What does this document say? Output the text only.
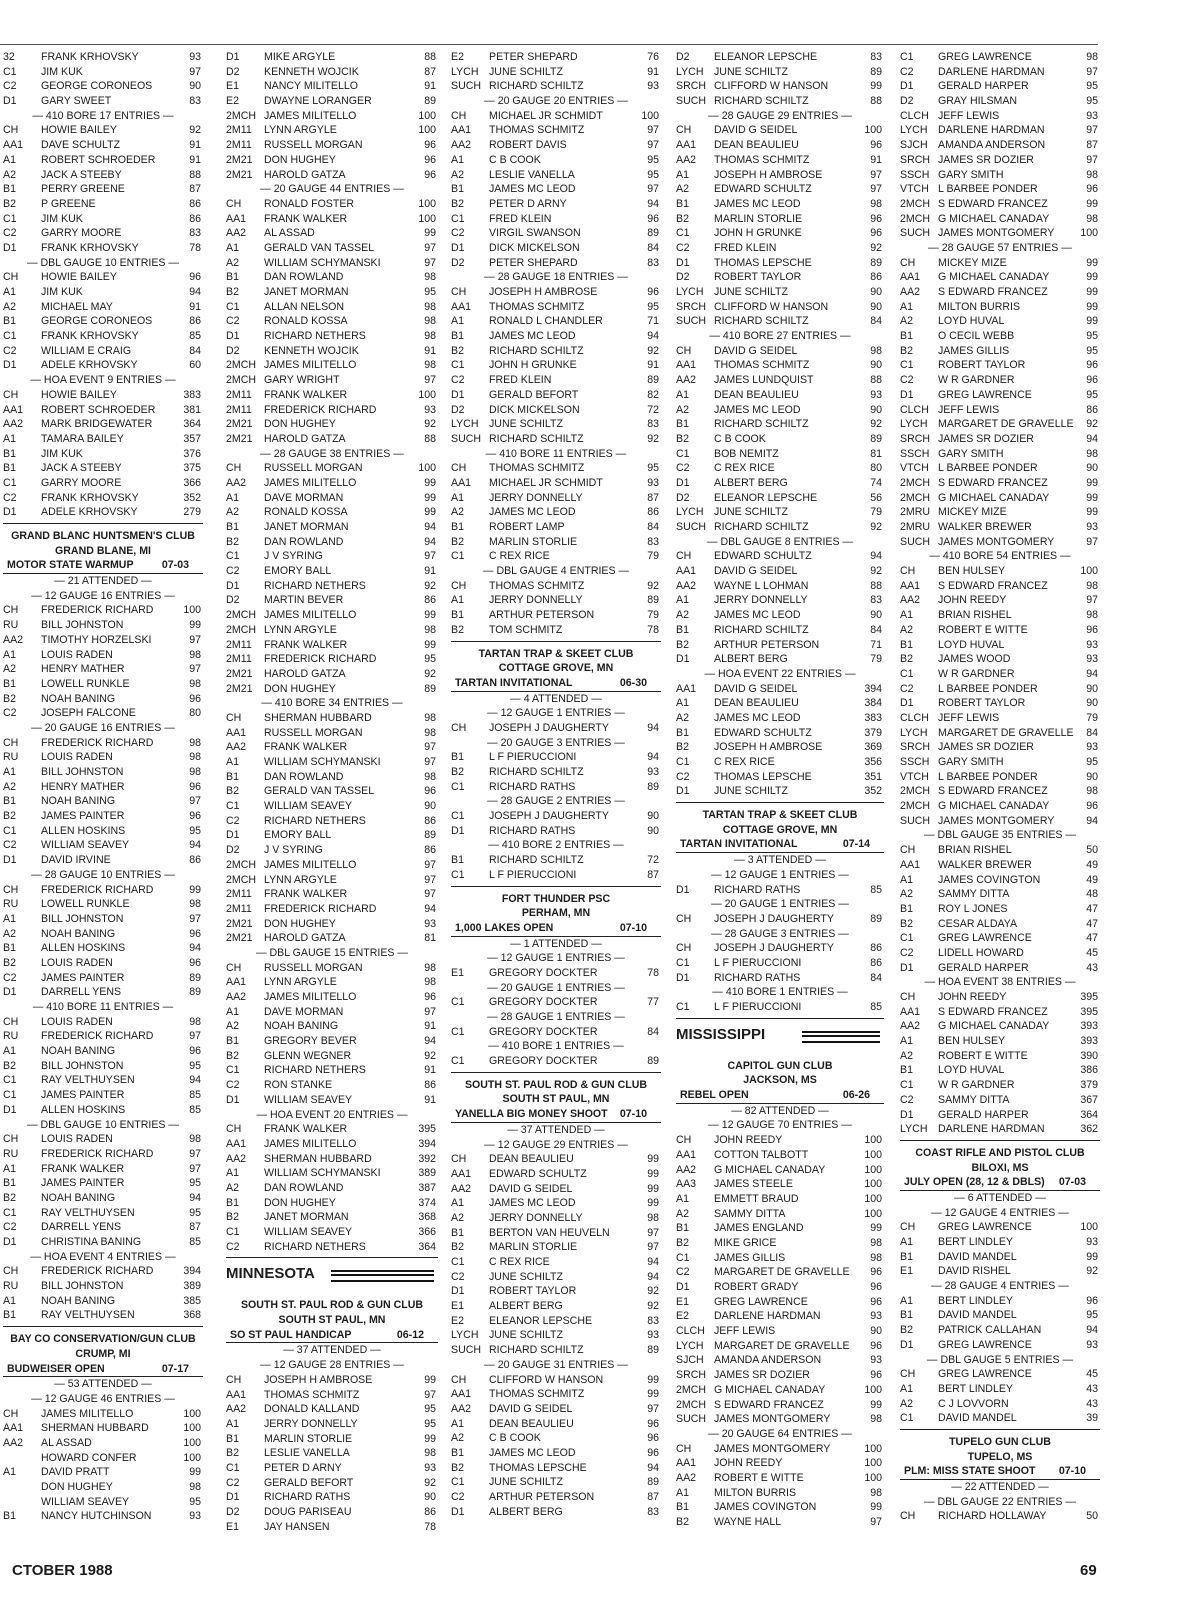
32 FRANK KRHOVSKY	93
C1 JIM KUK	97
C2 GEORGE CORONEOS	90
D1 GARY SWEET	83
— 410 BORE 17 ENTRIES —
CH HOWIE BAILEY	92
AA1 DAVE SCHULTZ	91
A1 ROBERT SCHROEDER	91
A2 JACK A STEEBY	88
B1 PERRY GREENE	87
B2 P GREENE	86
C1 JIM KUK	86
C2 GARRY MOORE	83
D1 FRANK KRHOVSKY	78
— DBL GAUGE 10 ENTRIES —
CH HOWIE BAILEY	96
A1 JIM KUK	94
A2 MICHAEL MAY	91
B1 GEORGE CORONEOS	86
C1 FRANK KRHOVSKY	85
C2 WILLIAM E CRAIG	84
D1 ADELE KRHOVSKY	60
— HOA EVENT 9 ENTRIES —
CH HOWIE BAILEY	383
AA1 ROBERT SCHROEDER	381
AA2 MARK BRIDGEWATER	364
A1 TAMARA BAILEY	357
B1 JIM KUK	376
B1 JACK A STEEBY	375
C1 GARRY MOORE	366
C2 FRANK KRHOVSKY	352
D1 ADELE KRHOVSKY	279
GRAND BLANC HUNTSMEN'S CLUB
GRAND BLANE, MI
MOTOR STATE WARMUP	07-03
— 21 ATTENDED —
— 12 GAUGE 16 ENTRIES —
CH FREDERICK RICHARD	100
RU BILL JOHNSTON	99
AA2 TIMOTHY HORZELSKI	97
A1 LOUIS RADEN	98
A2 HENRY MATHER	97
B1 LOWELL RUNKLE	98
B2 NOAH BANING	96
C2 JOSEPH FALCONE	80
— 20 GAUGE 16 ENTRIES —
CH FREDERICK RICHARD	98
RU LOUIS RADEN	98
A1 BILL JOHNSTON	98
A2 HENRY MATHER	96
B1 NOAH BANING	97
B2 JAMES PAINTER	96
C1 ALLEN HOSKINS	95
C2 WILLIAM SEAVEY	94
D1 DAVID IRVINE	86
— 28 GAUGE 10 ENTRIES —
CH FREDERICK RICHARD	99
RU LOWELL RUNKLE	98
A1 BILL JOHNSTON	97
A2 NOAH BANING	96
B1 ALLEN HOSKINS	94
B2 LOUIS RADEN	96
C2 JAMES PAINTER	89
D1 DARRELL YENS	89
— 410 BORE 11 ENTRIES —
CH LOUIS RADEN	98
RU FREDERICK RICHARD	97
A1 NOAH BANING	96
B2 BILL JOHNSTON	95
C1 RAY VELTHUYSEN	94
C1 JAMES PAINTER	85
D1 ALLEN HOSKINS	85
— DBL GAUGE 10 ENTRIES —
CH LOUIS RADEN	98
RU FREDERICK RICHARD	97
A1 FRANK WALKER	97
B1 JAMES PAINTER	95
B2 NOAH BANING	94
C1 RAY VELTHUYSEN	95
C2 DARRELL YENS	87
D1 CHRISTINA BANING	85
— HOA EVENT 4 ENTRIES —
CH FREDERICK RICHARD	394
RU BILL JOHNSTON	389
A1 NOAH BANING	385
B1 RAY VELTHUYSEN	368
BAY CO CONSERVATION/GUN CLUB
CRUMP, MI
BUDWEISER OPEN	07-17
— 53 ATTENDED —
— 12 GAUGE 46 ENTRIES —
CH JAMES MILITELLO	100
AA1 SHERMAN HUBBARD	100
AA2 AL ASSAD	100
HOWARD CONFER	100
A1 DAVID PRATT	99
DON HUGHEY	98
WILLIAM SEAVEY	95
B1 NANCY HUTCHINSON	93
D1 MIKE ARGYLE	88
D2 KENNETH WOJCIK	87
E1 NANCY MILITELLO	91
E2 DWAYNE LORANGER	89
2MCH JAMES MILITELLO	100
2M11 LYNN ARGYLE	100
2M11 RUSSELL MORGAN	96
2M21 DON HUGHEY	96
2M21 HAROLD GATZA	96
— 20 GAUGE 44 ENTRIES —
CH RONALD FOSTER	100
AA1 FRANK WALKER	100
AA2 AL ASSAD	99
A1 GERALD VAN TASSEL	97
A2 WILLIAM SCHYMANSKI	97
B1 DAN ROWLAND	98
B2 JANET MORMAN	95
C1 ALLAN NELSON	98
C2 RONALD KOSSA	98
D1 RICHARD NETHERS	98
D2 KENNETH WOJCIK	91
2MCH JAMES MILITELLO	98
2MCH GARY WRIGHT	97
2M11 FRANK WALKER	100
2M11 FREDERICK RICHARD	93
2M21 DON HUGHEY	92
2M21 HAROLD GATZA	88
— 28 GAUGE 38 ENTRIES —
CH RUSSELL MORGAN	100
AA2 JAMES MILITELLO	99
A1 DAVE MORMAN	99
A2 RONALD KOSSA	99
B1 JANET MORMAN	94
B2 DAN ROWLAND	94
C1 J V SYRING	97
C2 EMORY BALL	91
D1 RICHARD NETHERS	92
D2 MARTIN BEVER	86
2MCH JAMES MILITELLO	99
2MCH LYNN ARGYLE	98
2M11 FRANK WALKER	99
2M11 FREDERICK RICHARD	95
2M21 HAROLD GATZA	92
2M21 DON HUGHEY	89
— 410 BORE 34 ENTRIES —
CH SHERMAN HUBBARD	98
AA1 RUSSELL MORGAN	98
AA2 FRANK WALKER	97
A1 WILLIAM SCHYMANSKI	97
B1 DAN ROWLAND	98
B2 GERALD VAN TASSEL	96
C1 WILLIAM SEAVEY	90
C2 RICHARD NETHERS	86
D1 EMORY BALL	89
D2 J V SYRING	86
2MCH JAMES MILITELLO	97
2MCH LYNN ARGYLE	97
2M11 FRANK WALKER	97
2M11 FREDERICK RICHARD	94
2M21 DON HUGHEY	93
2M21 HAROLD GATZA	81
— DBL GAUGE 15 ENTRIES —
CH RUSSELL MORGAN	98
AA1 LYNN ARGYLE	98
AA2 JAMES MILITELLO	96
A1 DAVE MORMAN	97
A2 NOAH BANING	91
B1 GREGORY BEVER	94
B2 GLENN WEGNER	92
C1 RICHARD NETHERS	91
C2 RON STANKE	86
D1 WILLIAM SEAVEY	91
— HOA EVENT 20 ENTRIES —
CH FRANK WALKER	395
AA1 JAMES MILITELLO	394
AA2 SHERMAN HUBBARD	392
A1 WILLIAM SCHYMANSKI	389
A2 DAN ROWLAND	387
B1 DON HUGHEY	374
B2 JANET MORMAN	368
C1 WILLIAM SEAVEY	366
C2 RICHARD NETHERS	364
MINNESOTA
SOUTH ST. PAUL ROD & GUN CLUB
SOUTH ST PAUL, MN
SO ST PAUL HANDICAP	06-12
— 37 ATTENDED —
— 12 GAUGE 28 ENTRIES —
CH JOSEPH H AMBROSE	99
AA1 THOMAS SCHMITZ	97
AA2 DONALD KALLAND	95
A1 JERRY DONNELLY	95
B1 MARLIN STORLIE	99
B2 LESLIE VANELLA	98
C1 PETER D ARNY	93
C2 GERALD BEFORT	92
D1 RICHARD RATHS	90
D2 DOUG PARISEAU	86
E1 JAY HANSEN	78
E2 PETER SHEPARD	76
LYCH JUNE SCHILTZ	91
SUCH RICHARD SCHILTZ	93
— 20 GAUGE 20 ENTRIES —
CH MICHAEL JR SCHMIDT	100
AA1 THOMAS SCHMITZ	97
AA2 ROBERT DAVIS	97
A1 C B COOK	95
A2 LESLIE VANELLA	95
B1 JAMES MC LEOD	97
B2 PETER D ARNY	94
C1 FRED KLEIN	96
C2 VIRGIL SWANSON	89
D1 DICK MICKELSON	84
D2 PETER SHEPARD	83
— 28 GAUGE 18 ENTRIES —
CH JOSEPH H AMBROSE	96
AA1 THOMAS SCHMITZ	95
A1 RONALD L CHANDLER	71
B1 JAMES MC LEOD	94
B2 RICHARD SCHILTZ	92
C1 JOHN H GRUNKE	91
C2 FRED KLEIN	89
D1 GERALD BEFORT	82
D2 DICK MICKELSON	72
LYCH JUNE SCHILTZ	83
SUCH RICHARD SCHILTZ	92
— 410 BORE 11 ENTRIES —
CH THOMAS SCHMITZ	95
AA1 MICHAEL JR SCHMIDT	93
A1 JERRY DONNELLY	87
A2 JAMES MC LEOD	86
B1 ROBERT LAMP	84
B2 MARLIN STORLIE	83
C1 C REX RICE	79
— DBL GAUGE 4 ENTRIES —
CH THOMAS SCHMITZ	92
A1 JERRY DONNELLY	89
B1 ARTHUR PETERSON	79
B2 TOM SCHMITZ	78
TARTAN TRAP & SKEET CLUB
COTTAGE GROVE, MN
TARTAN INVITATIONAL	06-30
— 4 ATTENDED —
— 12 GAUGE 1 ENTRIES —
CH JOSEPH J DAUGHERTY	94
— 20 GAUGE 3 ENTRIES —
B1 L F PIERUCCIONI	94
B2 RICHARD SCHILTZ	93
C1 RICHARD RATHS	89
— 28 GAUGE 2 ENTRIES —
C1 JOSEPH J DAUGHERTY	90
D1 RICHARD RATHS	90
— 410 BORE 2 ENTRIES —
B1 RICHARD SCHILTZ	72
C1 L F PIERUCCIONI	87
FORT THUNDER PSC
PERHAM, MN
1,000 LAKES OPEN	07-10
— 1 ATTENDED —
— 12 GAUGE 1 ENTRIES —
E1 GREGORY DOCKTER	78
— 20 GAUGE 1 ENTRIES —
C1 GREGORY DOCKTER	77
— 28 GAUGE 1 ENTRIES —
C1 GREGORY DOCKTER	84
— 410 BORE 1 ENTRIES —
C1 GREGORY DOCKTER	89
SOUTH ST. PAUL ROD & GUN CLUB
SOUTH ST PAUL, MN
YANELLA BIG MONEY SHOOT 07-10
— 37 ATTENDED —
— 12 GAUGE 29 ENTRIES —
CH DEAN BEAULIEU	99
AA1 EDWARD SCHULTZ	99
AA2 DAVID G SEIDEL	99
A1 JAMES MC LEOD	99
A2 JERRY DONNELLY	98
B1 BERTON VAN HEUVELN	97
B2 MARLIN STORLIE	97
C1 C REX RICE	94
C2 JUNE SCHILTZ	94
D1 ROBERT TAYLOR	92
E1 ALBERT BERG	92
E2 ELEANOR LEPSCHE	83
LYCH JUNE SCHILTZ	93
SUCH RICHARD SCHILTZ	89
— 20 GAUGE 31 ENTRIES —
CH CLIFFORD W HANSON	99
AA1 THOMAS SCHMITZ	99
AA2 DAVID G SEIDEL	97
A1 DEAN BEAULIEU	96
A2 C B COOK	96
B1 JAMES MC LEOD	96
B2 THOMAS LEPSCHE	94
C1 JUNE SCHILTZ	89
C2 ARTHUR PETERSON	87
D1 ALBERT BERG	83
D2 ELEANOR LEPSCHE	83
LYCH JUNE SCHILTZ	89
SRCH CLIFFORD W HANSON	99
SUCH RICHARD SCHILTZ	88
— 28 GAUGE 29 ENTRIES —
CH DAVID G SEIDEL	100
AA1 DEAN BEAULIEU	96
AA2 THOMAS SCHMITZ	91
A1 JOSEPH H AMBROSE	97
A2 EDWARD SCHULTZ	97
B1 JAMES MC LEOD	98
B2 MARLIN STORLIE	96
C1 JOHN H GRUNKE	96
C2 FRED KLEIN	92
D1 THOMAS LEPSCHE	89
D2 ROBERT TAYLOR	86
LYCH JUNE SCHILTZ	90
SRCH CLIFFORD W HANSON	90
SUCH RICHARD SCHILTZ	84
— 410 BORE 27 ENTRIES —
CH DAVID G SEIDEL	98
AA1 THOMAS SCHMITZ	90
AA2 JAMES LUNDQUIST	88
A1 DEAN BEAULIEU	93
A2 JAMES MC LEOD	90
B1 RICHARD SCHILTZ	92
B2 C B COOK	89
C1 BOB NEMITZ	81
C2 C REX RICE	80
D1 ALBERT BERG	74
D2 ELEANOR LEPSCHE	56
LYCH JUNE SCHILTZ	79
SUCH RICHARD SCHILTZ	92
— DBL GAUGE 8 ENTRIES —
CH EDWARD SCHULTZ	94
AA1 DAVID G SEIDEL	92
AA2 WAYNE L LOHMAN	88
A1 JERRY DONNELLY	83
A2 JAMES MC LEOD	90
B1 RICHARD SCHILTZ	84
B2 ARTHUR PETERSON	71
D1 ALBERT BERG	79
— HOA EVENT 22 ENTRIES —
AA1 DAVID G SEIDEL	394
A1 DEAN BEAULIEU	384
A2 JAMES MC LEOD	383
B1 EDWARD SCHULTZ	379
B2 JOSEPH H AMBROSE	369
C1 C REX RICE	356
C2 THOMAS LEPSCHE	351
D1 JUNE SCHILTZ	352
TARTAN TRAP & SKEET CLUB
COTTAGE GROVE, MN
TARTAN INVITATIONAL	07-14
— 3 ATTENDED —
— 12 GAUGE 1 ENTRIES —
D1 RICHARD RATHS	85
— 20 GAUGE 1 ENTRIES —
CH JOSEPH J DAUGHERTY	89
— 28 GAUGE 3 ENTRIES —
CH JOSEPH J DAUGHERTY	86
C1 L F PIERUCCIONI	86
D1 RICHARD RATHS	84
— 410 BORE 1 ENTRIES —
C1 L F PIERUCCIONI	85
MISSISSIPPI
CAPITOL GUN CLUB
JACKSON, MS
REBEL OPEN	06-26
— 82 ATTENDED —
— 12 GAUGE 70 ENTRIES —
CH JOHN REEDY	100
AA1 COTTON TALBOTT	100
AA2 G MICHAEL CANADAY	100
AA3 JAMES STEELE	100
A1 EMMETT BRAUD	100
A2 SAMMY DITTA	100
B1 JAMES ENGLAND	99
B2 MIKE GRICE	98
C1 JAMES GILLIS	98
C2 MARGARET DE GRAVELLE 96
D1 ROBERT GRADY	96
E1 GREG LAWRENCE	96
E2 DARLENE HARDMAN	93
CLCH JEFF LEWIS	90
LYCH MARGARET DE GRAVELLE 96
SJCH AMANDA ANDERSON	93
SRCH JAMES SR DOZIER	96
2MCH G MICHAEL CANADAY	100
2MCH S EDWARD FRANCEZ	99
SUCH JAMES MONTGOMERY	98
— 20 GAUGE 64 ENTRIES —
CH JAMES MONTGOMERY	100
AA1 JOHN REEDY	100
AA2 ROBERT E WITTE	100
A1 MILTON BURRIS	98
B1 JAMES COVINGTON	99
B2 WAYNE HALL	97
C1 GREG LAWRENCE	98
C2 DARLENE HARDMAN	97
D1 GERALD HARPER	95
D2 GRAY HILSMAN	95
CLCH JEFF LEWIS	93
LYCH DARLENE HARDMAN	97
SJCH AMANDA ANDERSON	87
SRCH JAMES SR DOZIER	97
SSCH GARY SMITH	98
VTCH L BARBEE PONDER	96
2MCH S EDWARD FRANCEZ	99
2MCH G MICHAEL CANADAY	98
SUCH JAMES MONTGOMERY 100
— 28 GAUGE 57 ENTRIES —
CH MICKEY MIZE	99
AA1 G MICHAEL CANADAY	99
AA2 S EDWARD FRANCEZ	99
A1 MILTON BURRIS	99
A2 LOYD HUVAL	99
B1 O CECIL WEBB	95
B2 JAMES GILLIS	95
C1 ROBERT TAYLOR	96
C2 W R GARDNER	96
D1 GREG LAWRENCE	95
CLCH JEFF LEWIS	86
LYCH MARGARET DE GRAVELLE 92
SRCH JAMES SR DOZIER	94
SSCH GARY SMITH	98
VTCH L BARBEE PONDER	90
2MCH S EDWARD FRANCEZ	99
2MCH G MICHAEL CANADAY	99
2MRU MICKEY MIZE	99
2MRU WALKER BREWER	93
SUCH JAMES MONTGOMERY	97
— 410 BORE 54 ENTRIES —
CH BEN HULSEY	100
AA1 S EDWARD FRANCEZ	98
AA2 JOHN REEDY	97
A1 BRIAN RISHEL	98
A2 ROBERT E WITTE	96
B1 LOYD HUVAL	93
B2 JAMES WOOD	93
C1 W R GARDNER	94
C2 L BARBEE PONDER	90
D1 ROBERT TAYLOR	90
CLCH JEFF LEWIS	79
LYCH MARGARET DE GRAVELLE 84
SRCH JAMES SR DOZIER	93
SSCH GARY SMITH	95
VTCH L BARBEE PONDER	90
2MCH S EDWARD FRANCEZ	98
2MCH G MICHAEL CANADAY	96
SUCH JAMES MONTGOMERY	94
— DBL GAUGE 35 ENTRIES —
CH BRIAN RISHEL	50
AA1 WALKER BREWER	49
A1 JAMES COVINGTON	49
A2 SAMMY DITTA	48
B1 ROY L JONES	47
B2 CESAR ALDAYA	47
C1 GREG LAWRENCE	47
C2 LIDELL HOWARD	45
D1 GERALD HARPER	43
— HOA EVENT 38 ENTRIES —
CH JOHN REEDY	395
AA1 S EDWARD FRANCEZ	395
AA2 G MICHAEL CANADAY	393
A1 BEN HULSEY	393
A2 ROBERT E WITTE	390
B1 LOYD HUVAL	386
C1 W R GARDNER	379
C2 SAMMY DITTA	367
D1 GERALD HARPER	364
LYCH DARLENE HARDMAN	362
COAST RIFLE AND PISTOL CLUB
BILOXI, MS
JULY OPEN (28, 12 & DBLS) 07-03
— 6 ATTENDED —
— 12 GAUGE 4 ENTRIES —
CH GREG LAWRENCE	100
A1 BERT LINDLEY	93
B1 DAVID MANDEL	99
E1 DAVID RISHEL	92
— 28 GAUGE 4 ENTRIES —
A1 BERT LINDLEY	96
B1 DAVID MANDEL	95
B2 PATRICK CALLAHAN	94
D1 GREG LAWRENCE	93
— DBL GAUGE 5 ENTRIES —
CH GREG LAWRENCE	45
A1 BERT LINDLEY	43
A2 C J LOVVORN	43
C1 DAVID MANDEL	39
TUPELO GUN CLUB
TUPELO, MS
PLM: MISS STATE SHOOT 07-10
— 22 ATTENDED —
— DBL GAUGE 22 ENTRIES —
CH RICHARD HOLLAWAY	50
CTOBER 1988	69
